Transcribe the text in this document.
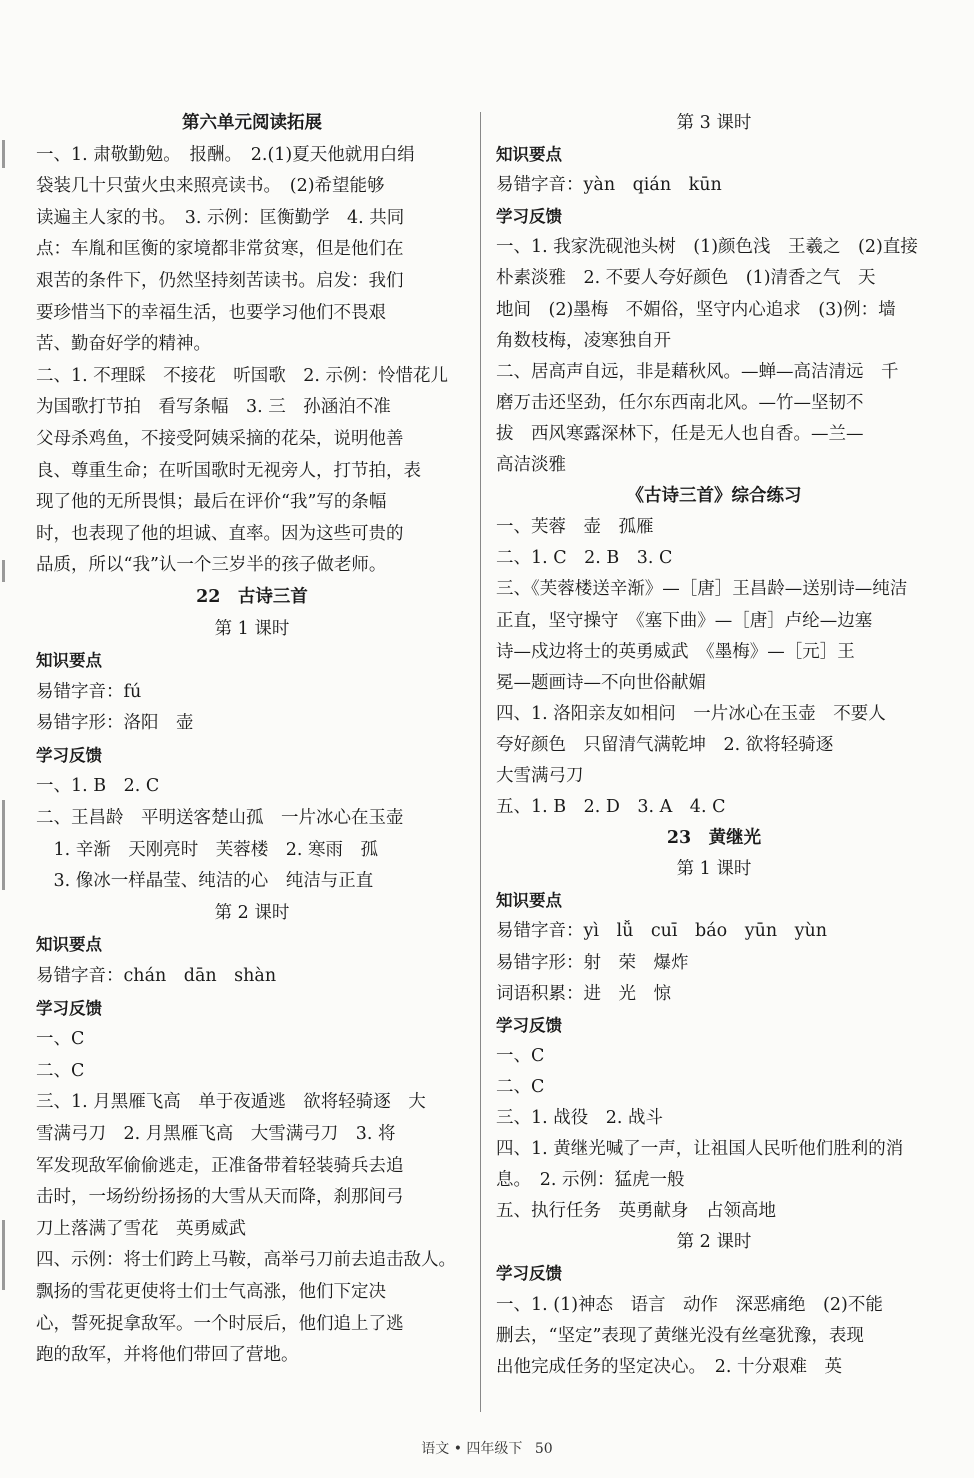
第六单元阅读拓展
一、1. 肃敬勤勉。　报酬。　2.(1)夏天他就用白绢
袋装几十只萤火虫来照亮读书。　(2)希望能够
读遍主人家的书。　3. 示例：匡衡勤学　4. 共同
点：车胤和匡衡的家境都非常贫寒，但是他们在
艰苦的条件下，仍然坚持刻苦读书。启发：我们
要珍惜当下的幸福生活，也要学习他们不畏艰
苦、勤奋好学的精神。
二、1. 不理睬　不接花　听国歌　2. 示例：怜惜花儿
为国歌打节拍　看写条幅　3. 三　孙涵泊不准
父母杀鸡鱼，不接受阿姨采摘的花朵，说明他善
良、尊重生命；在听国歌时无视旁人，打节拍，表
现了他的无所畏惧；最后在评价“我”写的条幅
时，也表现了他的坦诚、直率。因为这些可贵的
品质，所以“我”认一个三岁半的孩子做老师。
22　古诗三首
第 1 课时
知识要点
易错字音：fú
易错字形：洛阳　壶
学习反馈
一、1. B　2. C
二、王昌龄　平明送客楚山孤　一片冰心在玉壶
　1. 辛渐　天刚亮时　芙蓉楼　2. 寒雨　孤
　3. 像冰一样晶莹、纯洁的心　纯洁与正直
第 2 课时
知识要点
易错字音：chán　dān　shàn
学习反馈
一、C
二、C
三、1. 月黑雁飞高　单于夜遁逃　欲将轻骑逐　大
雪满弓刀　2. 月黑雁飞高　大雪满弓刀　3. 将
军发现敌军偷偷逃走，正准备带着轻装骑兵去追
击时，一场纷纷扬扬的大雪从天而降，刹那间弓
刀上落满了雪花　英勇威武
四、示例：将士们跨上马鞍，高举弓刀前去追击敌人。
飘扬的雪花更使将士们士气高涨，他们下定决
心，誓死捉拿敌军。一个时辰后，他们追上了逃
跑的敌军，并将他们带回了营地。
第 3 课时
知识要点
易错字音：yàn　qián　kūn
学习反馈
一、1. 我家洗砚池头树　(1)颜色浅　王羲之　(2)直接
朴素淡雅　2. 不要人夸好颜色　(1)清香之气　天
地间　(2)墨梅　不媚俗，坚守内心追求　(3)例：墙
角数枝梅，凌寒独自开
二、居高声自远，非是藉秋风。—蝉—高洁清远　千
磨万击还坚劲，任尔东西南北风。—竹—坚韧不
拔　西风寒露深林下，任是无人也自香。—兰—
高洁淡雅
《古诗三首》综合练习
一、芙蓉　壶　孤雁
二、1. C　2. B　3. C
三、《芙蓉楼送辛渐》—［唐］王昌龄—送别诗—纯洁
正直，坚守操守　《塞下曲》—［唐］卢纶—边塞
诗—戍边将士的英勇威武　《墨梅》—［元］王
冕—题画诗—不向世俗献媚
四、1. 洛阳亲友如相问　一片冰心在玉壶　不要人
夸好颜色　只留清气满乾坤　2. 欲将轻骑逐
大雪满弓刀
五、1. B　2. D　3. A　4. C
23　黄继光
第 1 课时
知识要点
易错字音：yì　lǚ　cuī　báo　yūn　yùn
易错字形：射　荣　爆炸
词语积累：进　光　惊
学习反馈
一、C
二、C
三、1. 战役　2. 战斗
四、1. 黄继光喊了一声，让祖国人民听他们胜利的消
息。　2. 示例：猛虎一般
五、执行任务　英勇献身　占领高地
第 2 课时
学习反馈
一、1. (1)神态　语言　动作　深恶痛绝　(2)不能
删去，“坚定”表现了黄继光没有丝毫犹豫，表现
出他完成任务的坚定决心。　2. 十分艰难　英
语文 • 四年级下 50
